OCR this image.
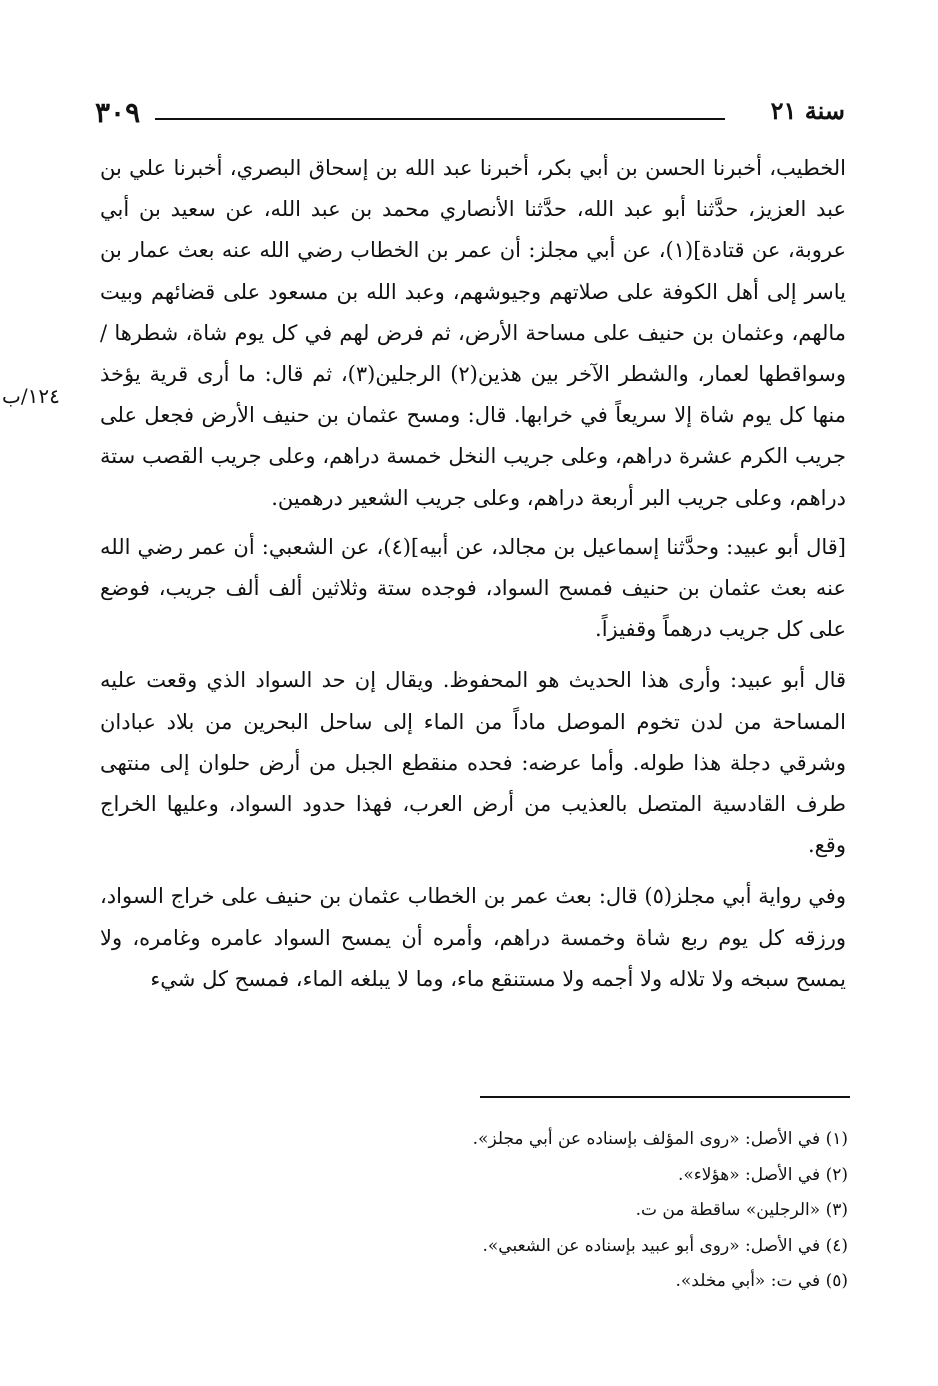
٣٠٩	سنة ٢١
١٢٤/ب

الخطيب، أخبرنا الحسن بن أبي بكر، أخبرنا عبد الله بن إسحاق البصري، أخبرنا علي بن عبد العزيز، حدَّثنا أبو عبد الله، حدَّثنا الأنصاري محمد بن عبد الله، عن سعيد بن أبي عروبة، عن قتادة](١)، عن أبي مجلز: أن عمر بن الخطاب رضي الله عنه بعث عمار بن ياسر إلى أهل الكوفة على صلاتهم وجيوشهم، وعبد الله بن مسعود على قضائهم وبيت مالهم، وعثمان بن حنيف على مساحة الأرض، ثم فرض لهم في كل يوم شاة، شطرها / وسواقطها لعمار، والشطر الآخر بين هذين(٢) الرجلين(٣)، ثم قال: ما أرى قرية يؤخذ منها كل يوم شاة إلا سريعاً في خرابها. قال: ومسح عثمان بن حنيف الأرض فجعل على جريب الكرم عشرة دراهم، وعلى جريب النخل خمسة دراهم، وعلى جريب القصب ستة دراهم، وعلى جريب البر أربعة دراهم، وعلى جريب الشعير درهمين.

[قال أبو عبيد: وحدَّثنا إسماعيل بن مجالد، عن أبيه](٤)، عن الشعبي: أن عمر رضي الله عنه بعث عثمان بن حنيف فمسح السواد، فوجده ستة وثلاثين ألف ألف جريب، فوضع على كل جريب درهماً وقفيزاً.

قال أبو عبيد: وأرى هذا الحديث هو المحفوظ. ويقال إن حد السواد الذي وقعت عليه المساحة من لدن تخوم الموصل ماداً من الماء إلى ساحل البحرين من بلاد عبادان وشرقي دجلة هذا طوله. وأما عرضه: فحده منقطع الجبل من أرض حلوان إلى منتهى طرف القادسية المتصل بالعذيب من أرض العرب، فهذا حدود السواد، وعليها الخراج وقع.

وفي رواية أبي مجلز(٥) قال: بعث عمر بن الخطاب عثمان بن حنيف على خراج السواد، ورزقه كل يوم ربع شاة وخمسة دراهم، وأمره أن يمسح السواد عامره وغامره، ولا يمسح سبخه ولا تلاله ولا أجمه ولا مستنقع ماء، وما لا يبلغه الماء، فمسح كل شيء

(١) في الأصل: «روى المؤلف بإسناده عن أبي مجلز».
(٢) في الأصل: «هؤلاء».
(٣) «الرجلين» ساقطة من ت.
(٤) في الأصل: «روى أبو عبيد بإسناده عن الشعبي».
(٥) في ت: «أبي مخلد».
